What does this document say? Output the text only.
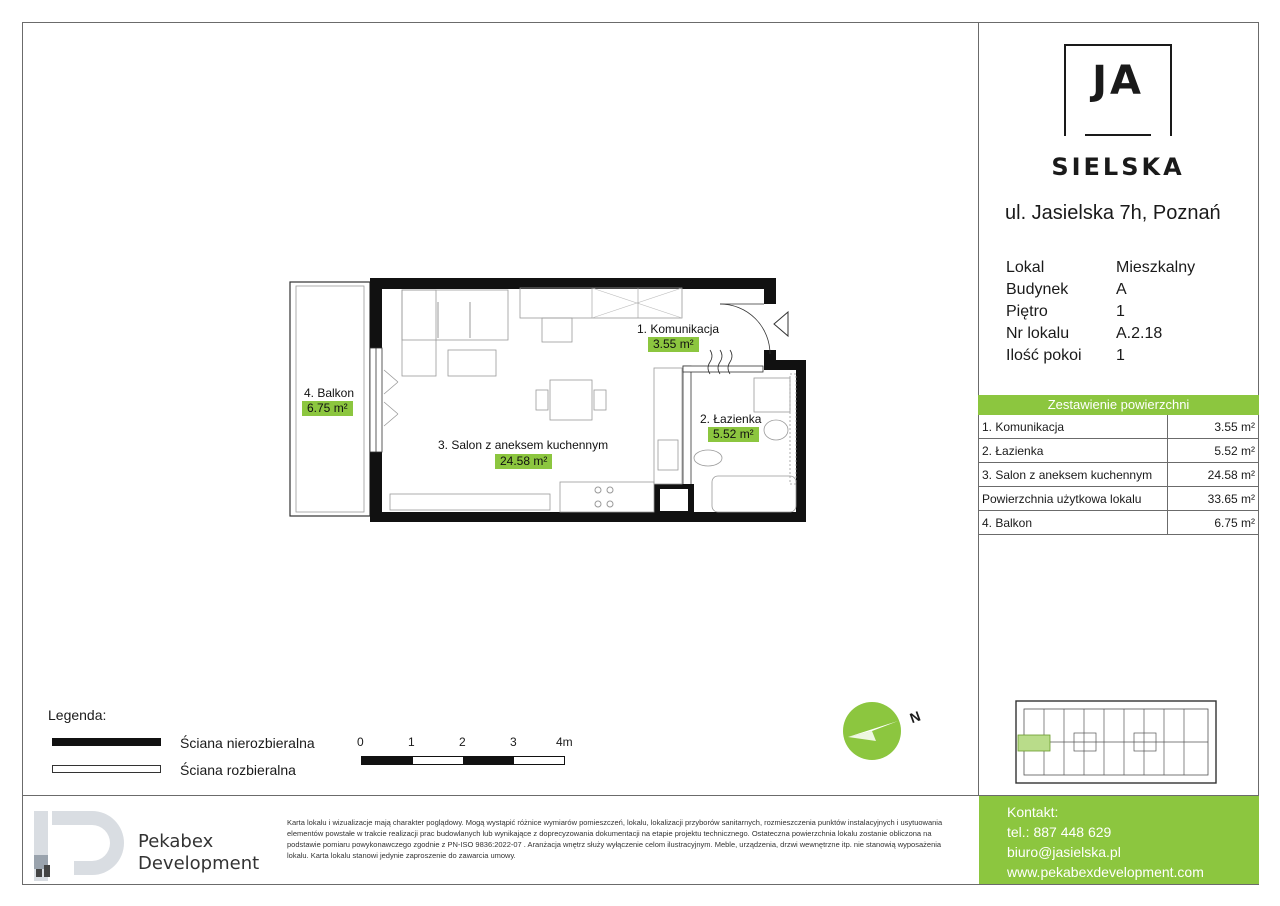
JA
SIELSKA
ul. Jasielska 7h, Poznań
Lokal	Mieszkalny
Budynek	A
Piętro	1
Nr lokalu	A.2.18
Ilość pokoi	1
Zestawienie powierzchni
1. Komunikacja	3.55 m²
2. Łazienka	5.52 m²
3. Salon z aneksem kuchennym	24.58 m²
Powierzchnia użytkowa lokalu	33.65 m²
4. Balkon	6.75 m²
4. Balkon
6.75 m²
1. Komunikacja
3.55 m²
2. Łazienka
5.52 m²
3. Salon z aneksem kuchennym
24.58 m²
Legenda:
Ściana nierozbieralna
Ściana rozbieralna
0	1	2	3	4m
N
Pekabex
Development
Karta lokalu i wizualizacje mają charakter poglądowy. Mogą wystąpić różnice wymiarów pomieszczeń, lokalu, lokalizacji przyborów sanitarnych, rozmieszczenia punktów instalacyjnych i usytuowania elementów powstałe w trakcie realizacji prac budowlanych lub wynikające z doprecyzowania dokumentacji na etapie projektu technicznego. Ostateczna powierzchnia lokalu zostanie obliczona na podstawie pomiaru powykonawczego zgodnie z PN-ISO 9836:2022-07 . Aranżacja wnętrz służy wyłączenie celom ilustracyjnym. Meble, urządzenia, drzwi wewnętrzne itp. nie stanowią wyposażenia lokalu. Karta lokalu stanowi jedynie zaproszenie do zawarcia umowy.
Kontakt:
tel.: 887 448 629
biuro@jasielska.pl
www.pekabexdevelopment.com
